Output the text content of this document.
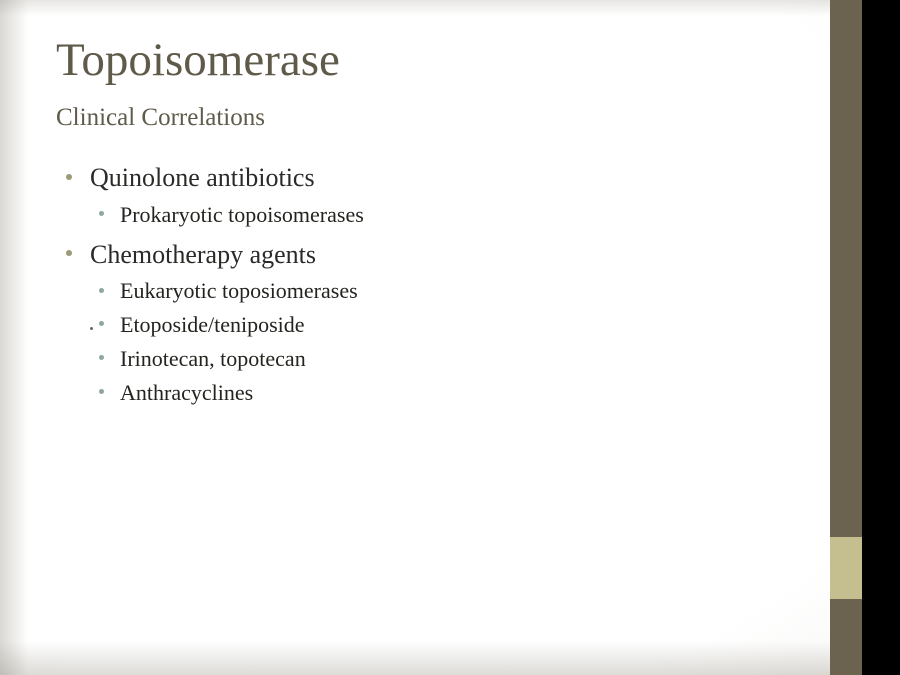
Topoisomerase
Clinical Correlations
Quinolone antibiotics
Prokaryotic topoisomerases
Chemotherapy agents
Eukaryotic toposiomerases
Etoposide/teniposide
Irinotecan, topotecan
Anthracyclines
